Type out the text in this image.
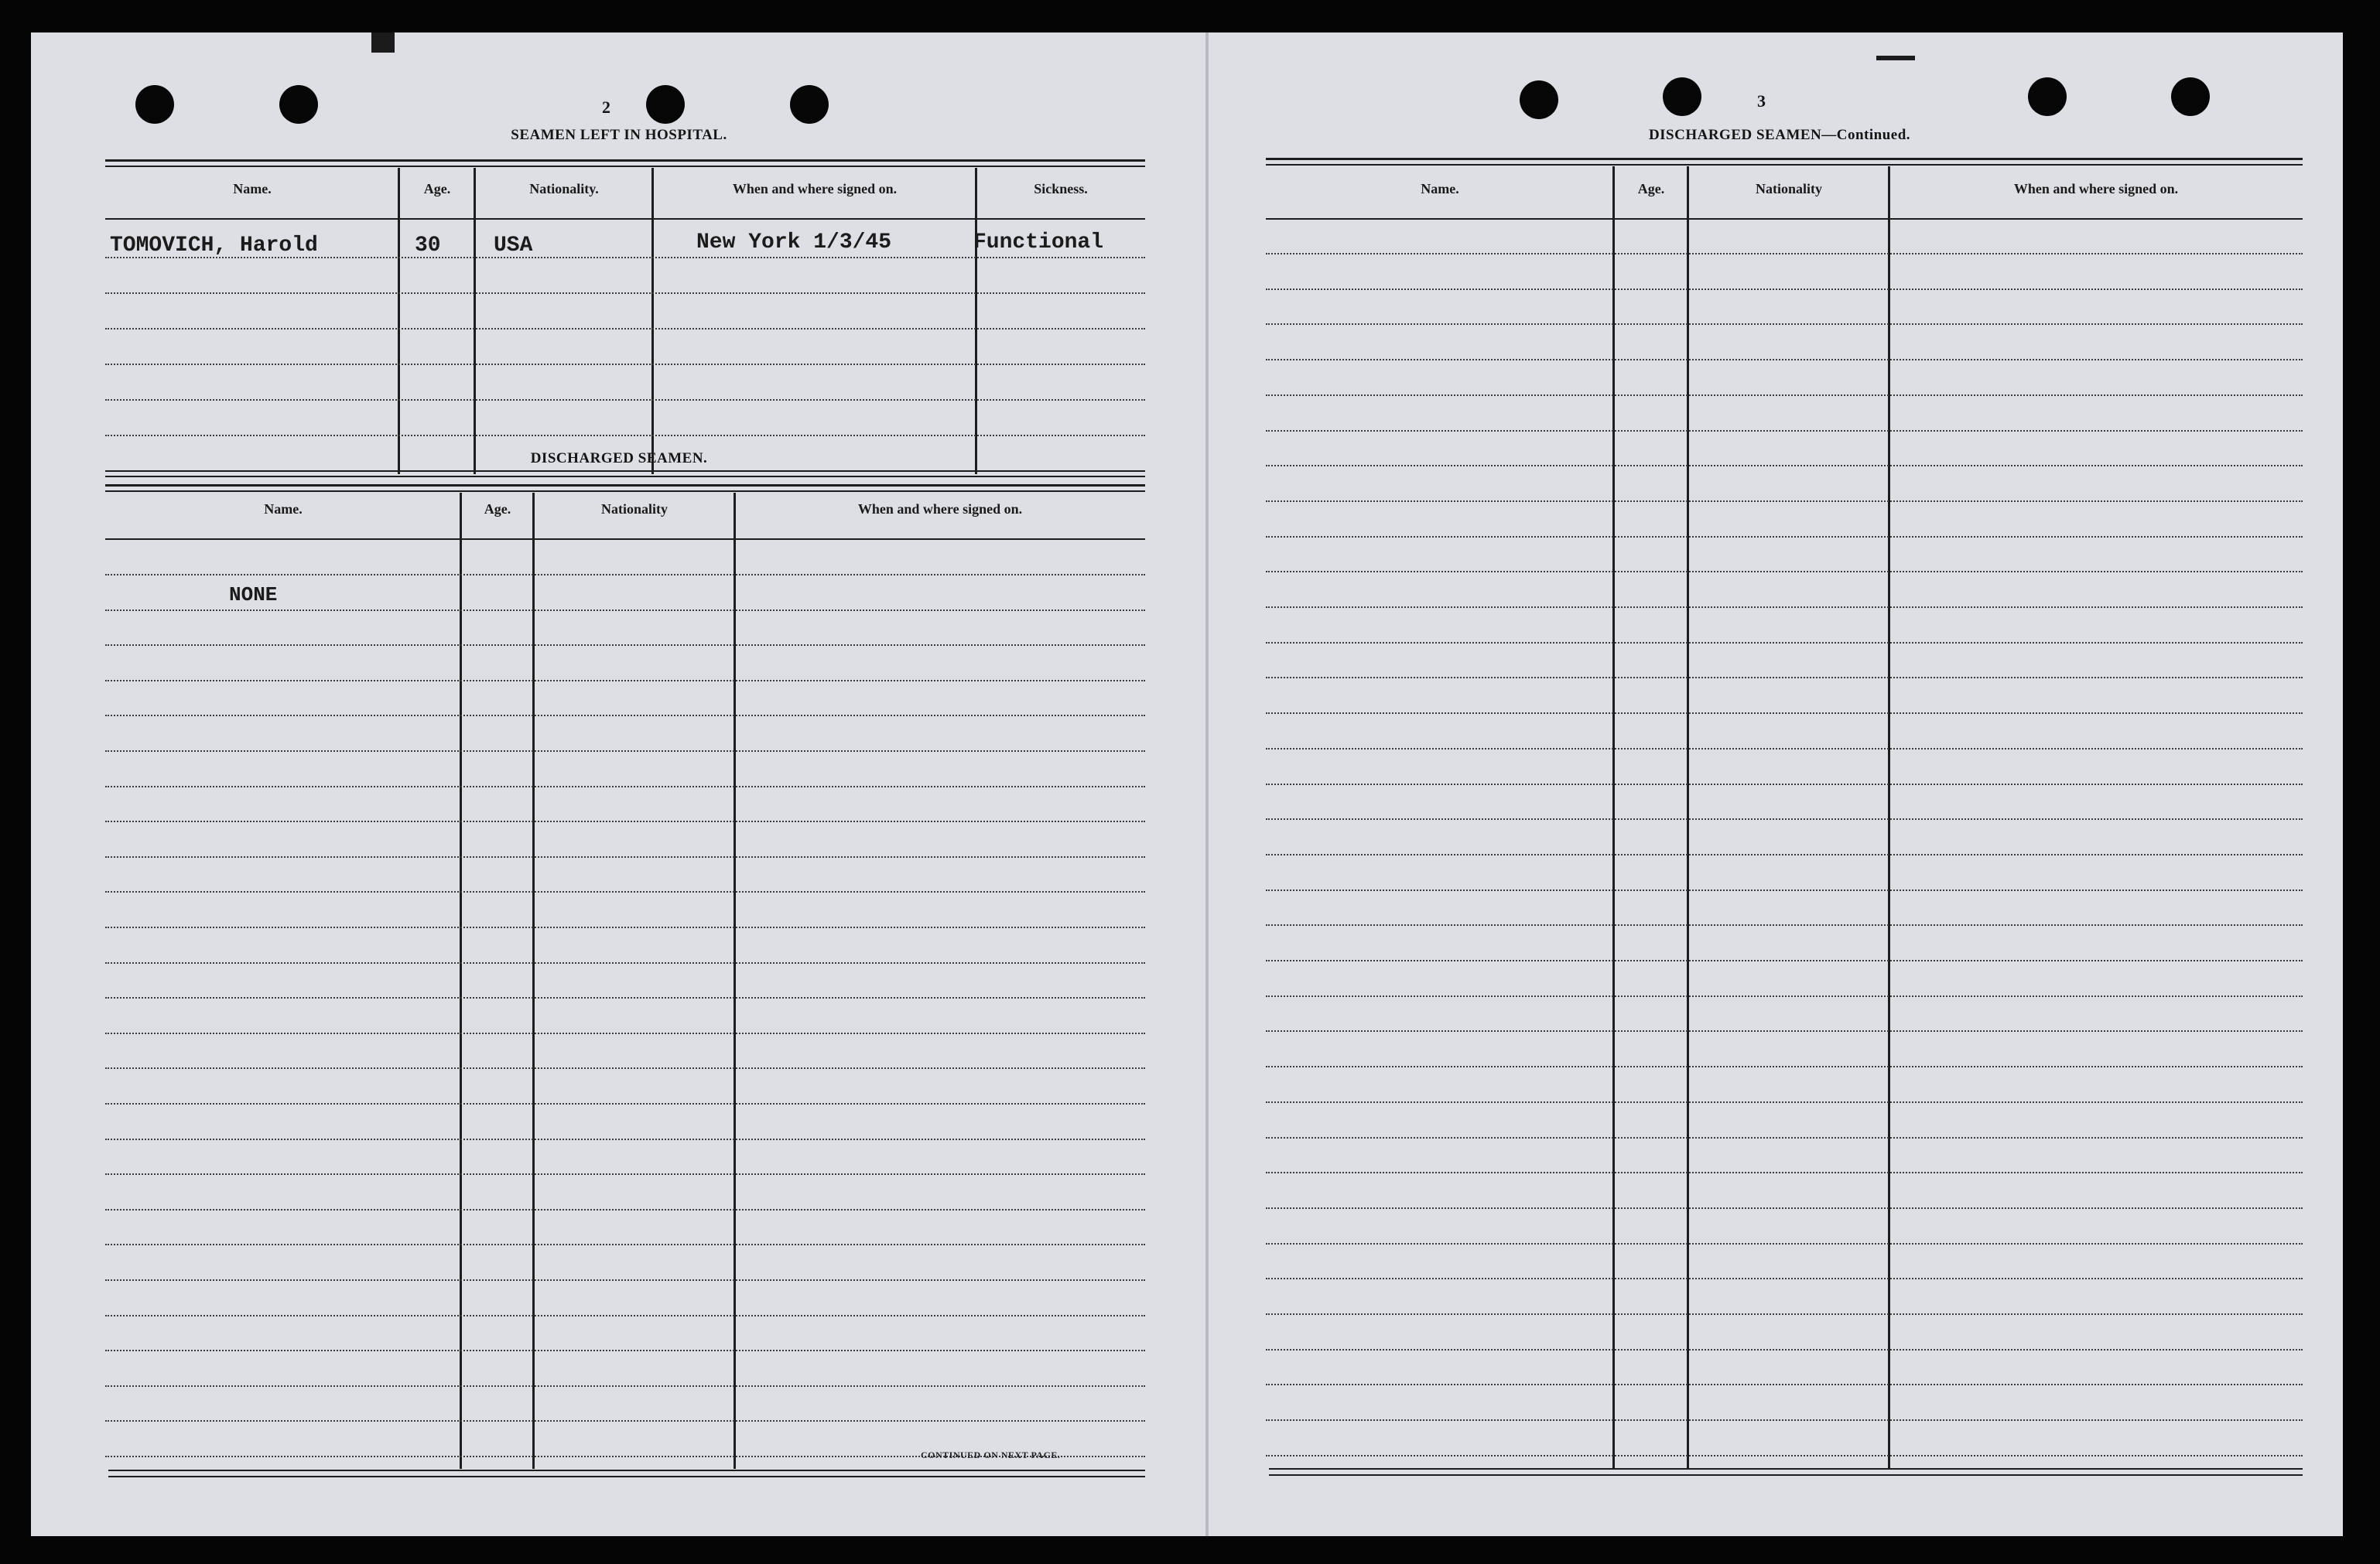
2
SEAMEN LEFT IN HOSPITAL.
Name.	Age.	Nationality.	When and where signed on.	Sickness.
TOMOVICH, Harold	30 USA	New York 1/3/45	Functional
DISCHARGED SEAMEN.
Name.	Age.	Nationality	When and where signed on.
NONE
CONTINUED ON NEXT PAGE.
3
DISCHARGED SEAMEN—Continued.
Name.	Age.	Nationality	When and where signed on.
